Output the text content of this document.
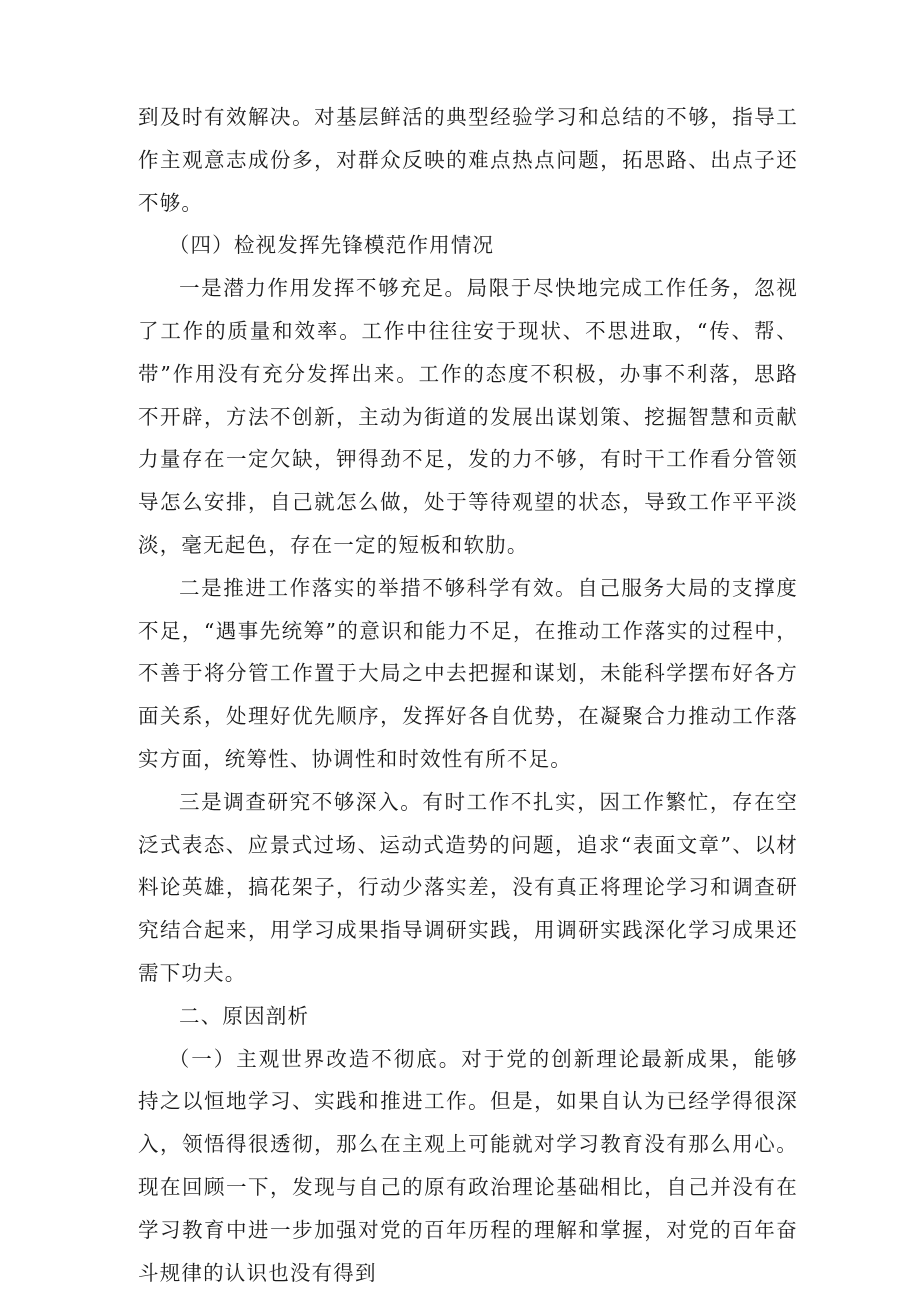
到及时有效解决。对基层鲜活的典型经验学习和总结的不够，指导工作主观意志成份多，对群众反映的难点热点问题，拓思路、出点子还不够。

（四）检视发挥先锋模范作用情况

一是潜力作用发挥不够充足。局限于尽快地完成工作任务，忽视了工作的质量和效率。工作中往往安于现状、不思进取，“传、帮、带”作用没有充分发挥出来。工作的态度不积极，办事不利落，思路不开辟，方法不创新，主动为街道的发展出谋划策、挖掘智慧和贡献力量存在一定欠缺，钾得劲不足，发的力不够，有时干工作看分管领导怎么安排，自己就怎么做，处于等待观望的状态，导致工作平平淡淡，毫无起色，存在一定的短板和软肋。

二是推进工作落实的举措不够科学有效。自己服务大局的支撑度不足，“遇事先统筹”的意识和能力不足，在推动工作落实的过程中，不善于将分管工作置于大局之中去把握和谋划，未能科学摆布好各方面关系，处理好优先顺序，发挥好各自优势，在凝聚合力推动工作落实方面，统筹性、协调性和时效性有所不足。

三是调查研究不够深入。有时工作不扎实，因工作繁忙，存在空泛式表态、应景式过场、运动式造势的问题，追求“表面文章”、以材料论英雄，搞花架子，行动少落实差，没有真正将理论学习和调查研究结合起来，用学习成果指导调研实践，用调研实践深化学习成果还需下功夫。

二、原因剖析

（一）主观世界改造不彻底。对于党的创新理论最新成果，能够持之以恒地学习、实践和推进工作。但是，如果自认为已经学得很深入，领悟得很透彻，那么在主观上可能就对学习教育没有那么用心。现在回顾一下，发现与自己的原有政治理论基础相比，自己并没有在学习教育中进一步加强对党的百年历程的理解和掌握，对党的百年奋斗规律的认识也没有得到
